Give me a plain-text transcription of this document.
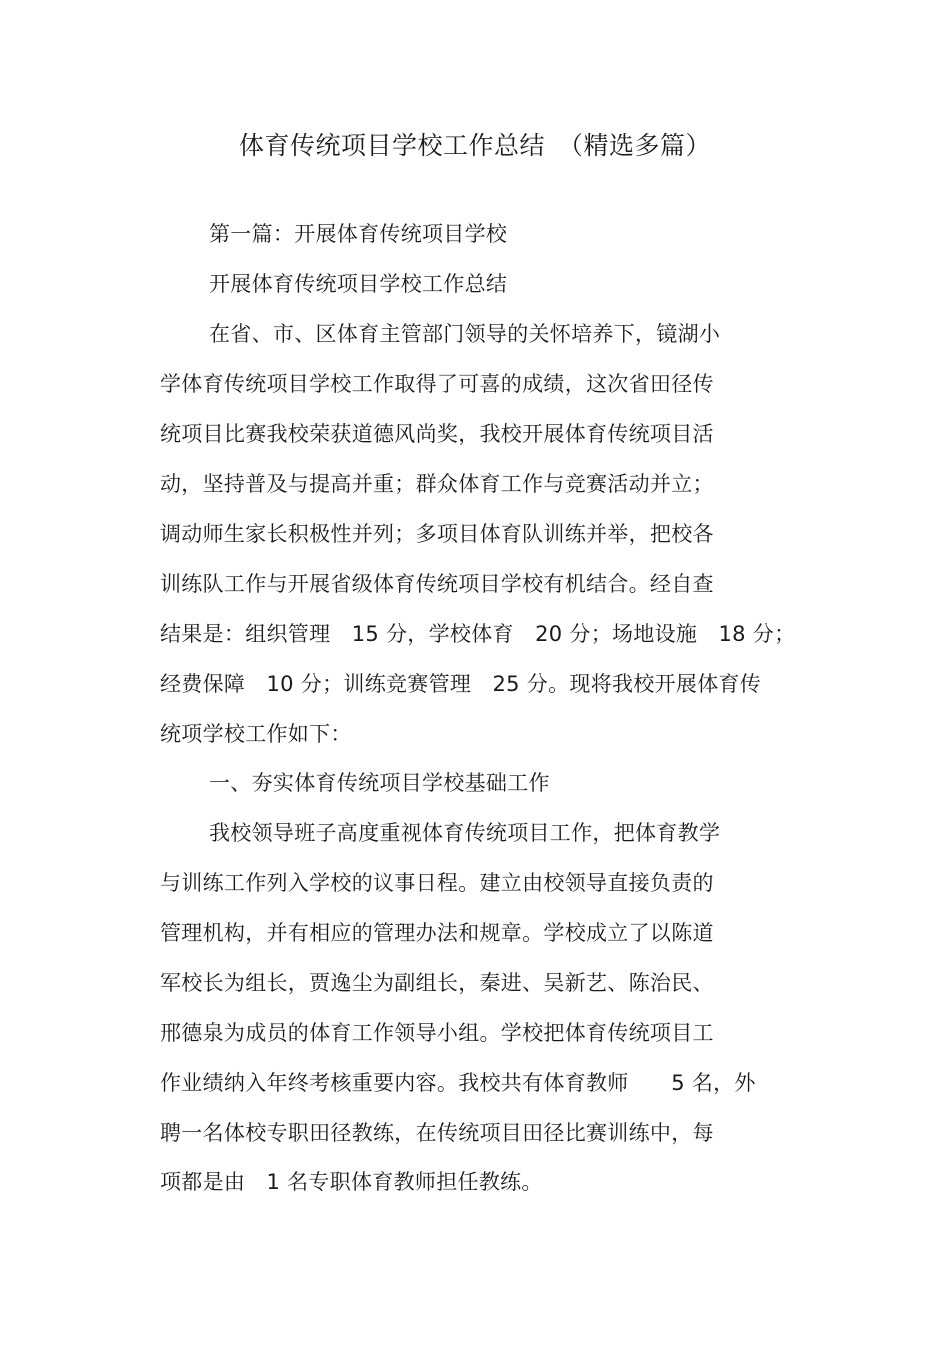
体育传统项目学校工作总结　（精选多篇）
第一篇：开展体育传统项目学校
开展体育传统项目学校工作总结
在省、市、区体育主管部门领导的关怀培养下，镜湖小
学体育传统项目学校工作取得了可喜的成绩，这次省田径传
统项目比赛我校荣获道德风尚奖，我校开展体育传统项目活
动，坚持普及与提高并重；群众体育工作与竞赛活动并立；
调动师生家长积极性并列；多项目体育队训练并举，把校各
训练队工作与开展省级体育传统项目学校有机结合。经自查
结果是：组织管理　15 分，学校体育　20 分；场地设施　18 分；
经费保障　10 分；训练竞赛管理　25 分。现将我校开展体育传
统项学校工作如下：
一、夯实体育传统项目学校基础工作
我校领导班子高度重视体育传统项目工作，把体育教学
与训练工作列入学校的议事日程。建立由校领导直接负责的
管理机构，并有相应的管理办法和规章。学校成立了以陈道
军校长为组长，贾逸尘为副组长，秦进、吴新艺、陈治民、
邢德泉为成员的体育工作领导小组。学校把体育传统项目工
作业绩纳入年终考核重要内容。我校共有体育教师　　5 名，外
聘一名体校专职田径教练，在传统项目田径比赛训练中，每
项都是由　1 名专职体育教师担任教练。
